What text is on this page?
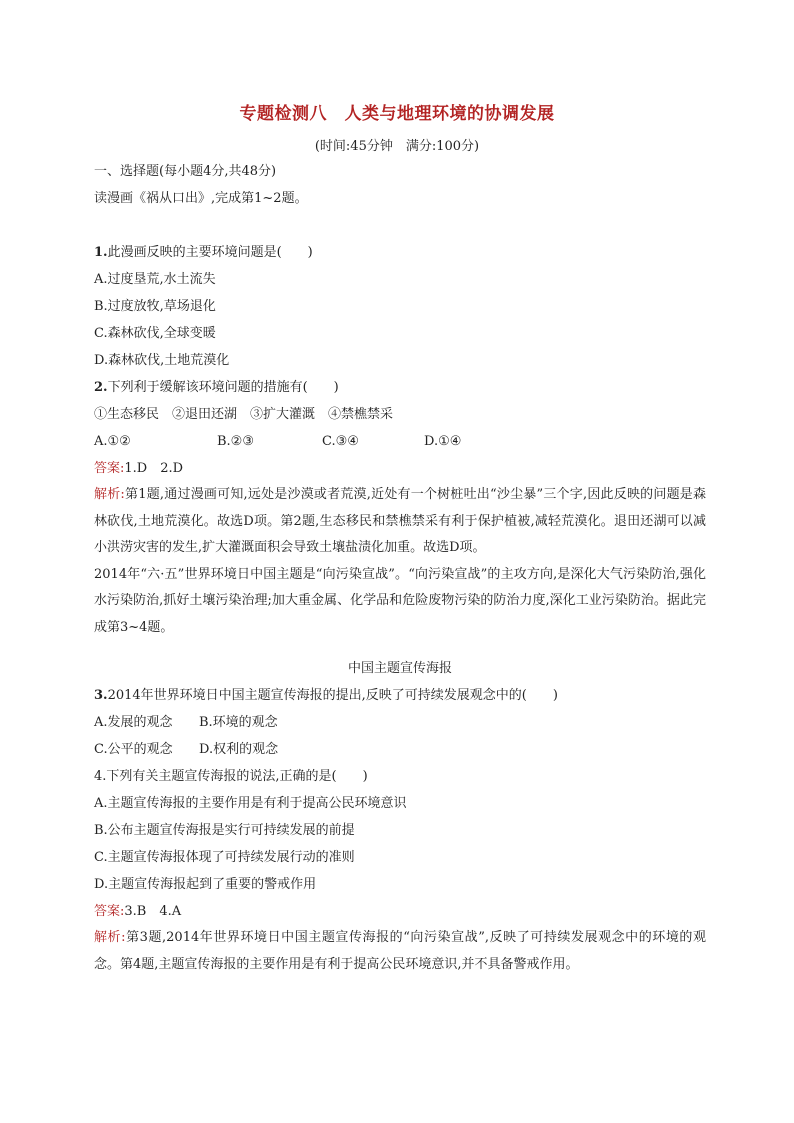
专题检测八　人类与地理环境的协调发展
(时间:45分钟　满分:100分)
一、选择题(每小题4分,共48分)
读漫画《祸从口出》,完成第1~2题。
1.此漫画反映的主要环境问题是(　　)
A.过度垦荒,水土流失
B.过度放牧,草场退化
C.森林砍伐,全球变暖
D.森林砍伐,土地荒漠化
2.下列利于缓解该环境问题的措施有(　　)
①生态移民　②退田还湖　③扩大灌溉　④禁樵禁采
A.①②	B.②③	C.③④	D.①④
答案:1.D　2.D
解析:第1题,通过漫画可知,远处是沙漠或者荒漠,近处有一个树桩吐出“沙尘暴”三个字,因此反映的问题是森林砍伐,土地荒漠化。故选D项。第2题,生态移民和禁樵禁采有利于保护植被,减轻荒漠化。退田还湖可以减小洪涝灾害的发生,扩大灌溉面积会导致土壤盐渍化加重。故选D项。
2014年“六·五”世界环境日中国主题是“向污染宣战”。“向污染宣战”的主攻方向,是深化大气污染防治,强化水污染防治,抓好土壤污染治理;加大重金属、化学品和危险废物污染的防治力度,深化工业污染防治。据此完成第3~4题。
中国主题宣传海报
3.2014年世界环境日中国主题宣传海报的提出,反映了可持续发展观念中的(　　)
A.发展的观念 B.环境的观念
C.公平的观念 D.权利的观念
4.下列有关主题宣传海报的说法,正确的是(　　)
A.主题宣传海报的主要作用是有利于提高公民环境意识
B.公布主题宣传海报是实行可持续发展的前提
C.主题宣传海报体现了可持续发展行动的准则
D.主题宣传海报起到了重要的警戒作用
答案:3.B　4.A
解析:第3题,2014年世界环境日中国主题宣传海报的“向污染宣战”,反映了可持续发展观念中的环境的观念。第4题,主题宣传海报的主要作用是有利于提高公民环境意识,并不具备警戒作用。
